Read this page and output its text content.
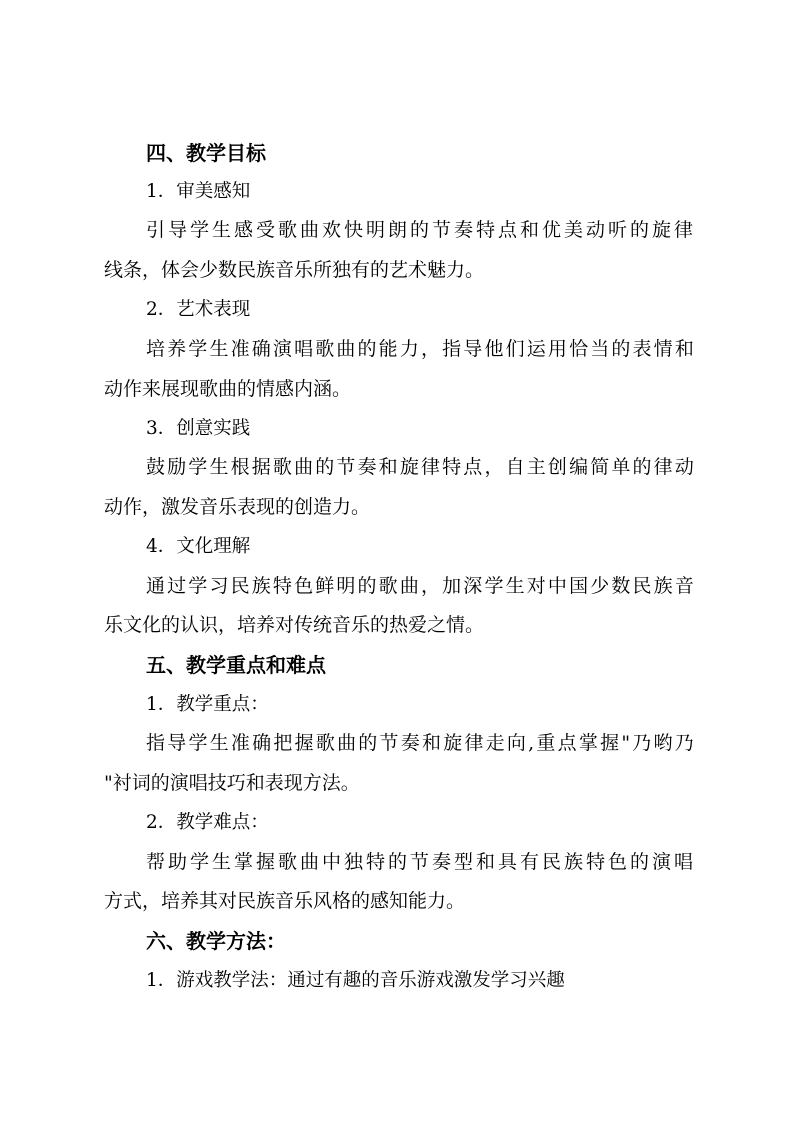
四、教学目标
1．审美感知
引导学生感受歌曲欢快明朗的节奏特点和优美动听的旋律
线条，体会少数民族音乐所独有的艺术魅力。
2．艺术表现
培养学生准确演唱歌曲的能力，指导他们运用恰当的表情和
动作来展现歌曲的情感内涵。
3．创意实践
鼓励学生根据歌曲的节奏和旋律特点，自主创编简单的律动
动作，激发音乐表现的创造力。
4．文化理解
通过学习民族特色鲜明的歌曲，加深学生对中国少数民族音
乐文化的认识，培养对传统音乐的热爱之情。
五、教学重点和难点
1．教学重点：
指导学生准确把握歌曲的节奏和旋律走向,重点掌握"乃哟乃
"衬词的演唱技巧和表现方法。
2．教学难点：
帮助学生掌握歌曲中独特的节奏型和具有民族特色的演唱
方式，培养其对民族音乐风格的感知能力。
六、教学方法：
1．游戏教学法：通过有趣的音乐游戏激发学习兴趣
